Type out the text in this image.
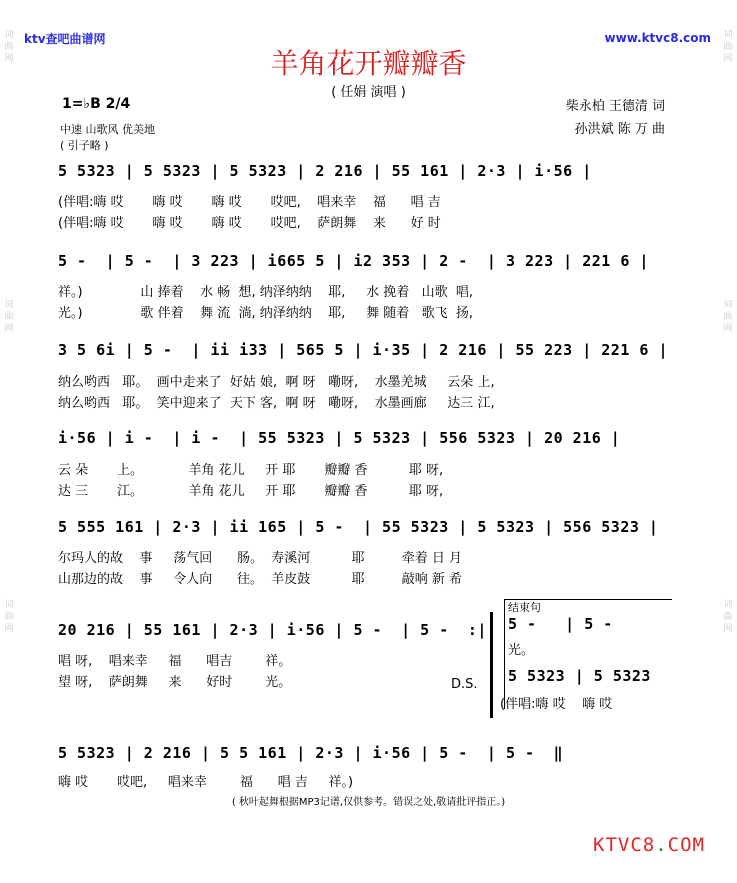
词
曲
网
词
曲
网
词
曲
网
词
曲
网
词
曲
网
词
曲
网
ktv查吧曲谱网	www.ktvc8.com
羊角花开瓣瓣香
( 任娟 演唱 )
1=♭B 2/4
中速 山歌风 优美地
( 引子略 )
柴永柏 王德清 词
孙洪斌 陈 万 曲
5 5323 | 5 5323 | 5 5323 | 2 216 | 55 161 | 2·3 | i·56 |
(伴唱:嗨 哎       嗨 哎       嗨 哎       哎吧,    唱来幸    福      唱 吉
(伴唱:嗨 哎       嗨 哎       嗨 哎       哎吧,    萨朗舞    来      好 时
5 -  | 5 -  | 3 223 | i665 5 | i2 353 | 2 -  | 3 223 | 221 6 |
祥。)              山 捧着    水 畅  想, 纳泽纳纳    耶,     水 挽着   山歌  唱,
光。)              歌 伴着    舞 流  淌, 纳泽纳纳    耶,     舞 随着   歌飞  扬,
3 5 6i | 5 -  | ii i33 | 565 5 | i·35 | 2 216 | 55 223 | 221 6 |
纳么哟西   耶。  画中走来了  好姑 娘,  啊 呀   嘞呀,    水墨羌城     云朵 上,
纳么哟西   耶。  笑中迎来了  天下 客,  啊 呀   嘞呀,    水墨画廊     达三 江,
i·56 | i -  | i -  | 55 5323 | 5 5323 | 556 5323 | 20 216 |
云 朵       上。           羊角 花儿     开 耶       瓣瓣 香          耶 呀,
达 三       江。           羊角 花儿     开 耶       瓣瓣 香          耶 呀,
5 555 161 | 2·3 | ii 165 | 5 -  | 55 5323 | 5 5323 | 556 5323 |
尔玛人的故    事     荡气回      肠。  寿溪河          耶         牵着 日 月
山那边的故    事     令人向      往。  羊皮鼓          耶         敲响 新 希
20 216 | 55 161 | 2·3 | i·56 | 5 -  | 5 -  :|
唱 呀,    唱来幸     福      唱吉        祥。
望 呀,    萨朗舞     来      好时        光。	D.S.
结束句
5 -   | 5 -
光。
5 5323 | 5 5323
(伴唱:嗨 哎    嗨 哎
5 5323 | 2 216 | 5 5 161 | 2·3 | i·56 | 5 -  | 5 -  ‖
嗨 哎       哎吧,     唱来幸        福      唱 吉     祥。)
( 秋叶起舞根据MP3记谱,仅供参考。错误之处,敬请批评指正。)
KTVC8.COM
